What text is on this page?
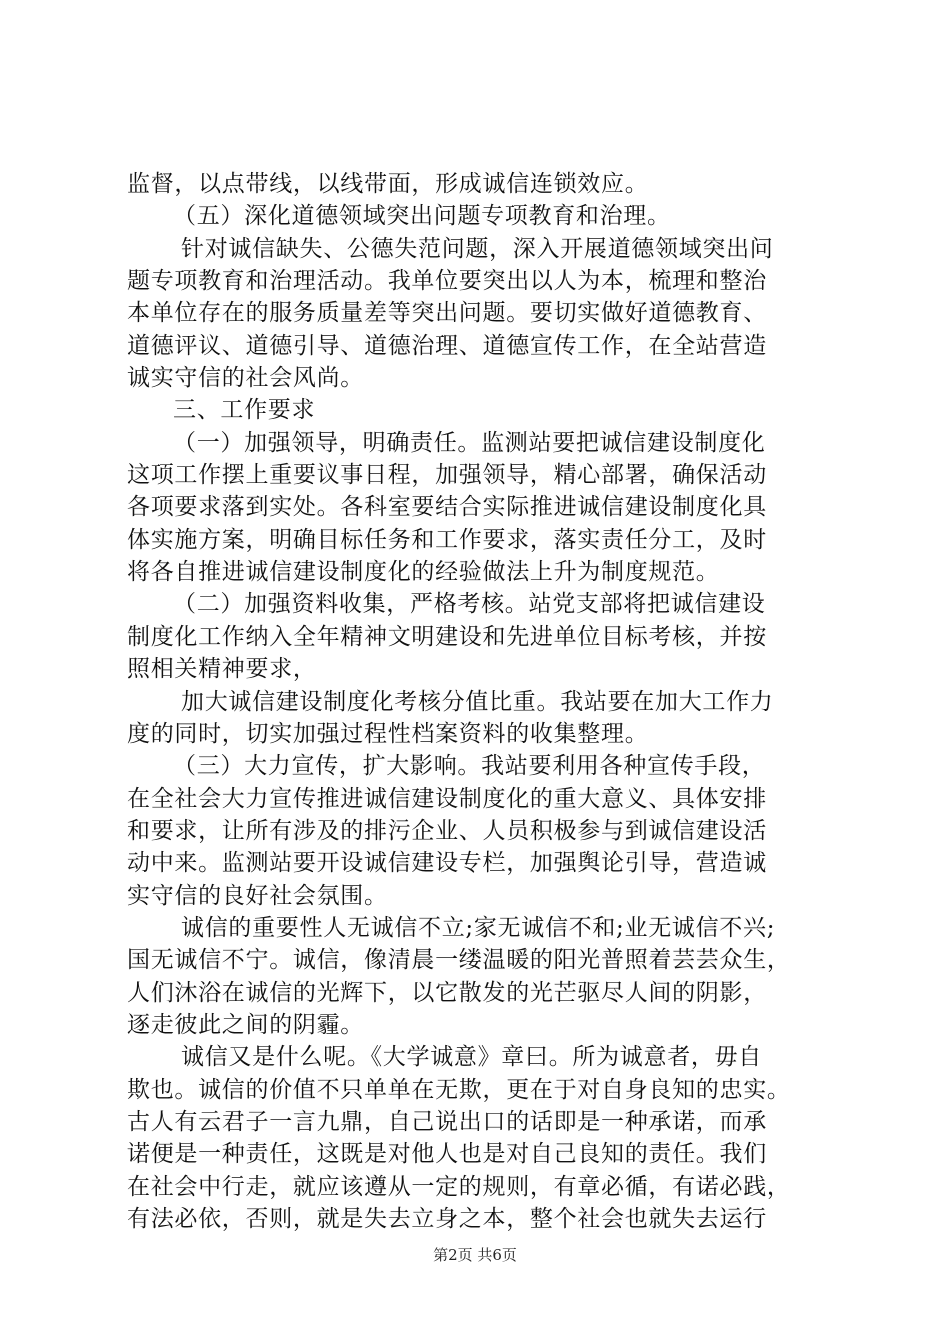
监督，以点带线，以线带面，形成诚信连锁效应。
（五）深化道德领域突出问题专项教育和治理。
针对诚信缺失、公德失范问题，深入开展道德领域突出问
题专项教育和治理活动。我单位要突出以人为本，梳理和整治
本单位存在的服务质量差等突出问题。要切实做好道德教育、
道德评议、道德引导、道德治理、道德宣传工作，在全站营造
诚实守信的社会风尚。
三、工作要求
（一）加强领导，明确责任。监测站要把诚信建设制度化
这项工作摆上重要议事日程，加强领导，精心部署，确保活动
各项要求落到实处。各科室要结合实际推进诚信建设制度化具
体实施方案，明确目标任务和工作要求，落实责任分工，及时
将各自推进诚信建设制度化的经验做法上升为制度规范。
（二）加强资料收集，严格考核。站党支部将把诚信建设
制度化工作纳入全年精神文明建设和先进单位目标考核，并按
照相关精神要求，
加大诚信建设制度化考核分值比重。我站要在加大工作力
度的同时，切实加强过程性档案资料的收集整理。
（三）大力宣传，扩大影响。我站要利用各种宣传手段，
在全社会大力宣传推进诚信建设制度化的重大意义、具体安排
和要求，让所有涉及的排污企业、人员积极参与到诚信建设活
动中来。监测站要开设诚信建设专栏，加强舆论引导，营造诚
实守信的良好社会氛围。
诚信的重要性人无诚信不立;家无诚信不和;业无诚信不兴;
国无诚信不宁。诚信，像清晨一缕温暖的阳光普照着芸芸众生，
人们沐浴在诚信的光辉下，以它散发的光芒驱尽人间的阴影，
逐走彼此之间的阴霾。
诚信又是什么呢。《大学诚意》章曰。所为诚意者，毋自
欺也。诚信的价值不只单单在无欺，更在于对自身良知的忠实。
古人有云君子一言九鼎，自己说出口的话即是一种承诺，而承
诺便是一种责任，这既是对他人也是对自己良知的责任。我们
在社会中行走，就应该遵从一定的规则，有章必循，有诺必践，
有法必依，否则，就是失去立身之本，整个社会也就失去运行
第2页 共6页
